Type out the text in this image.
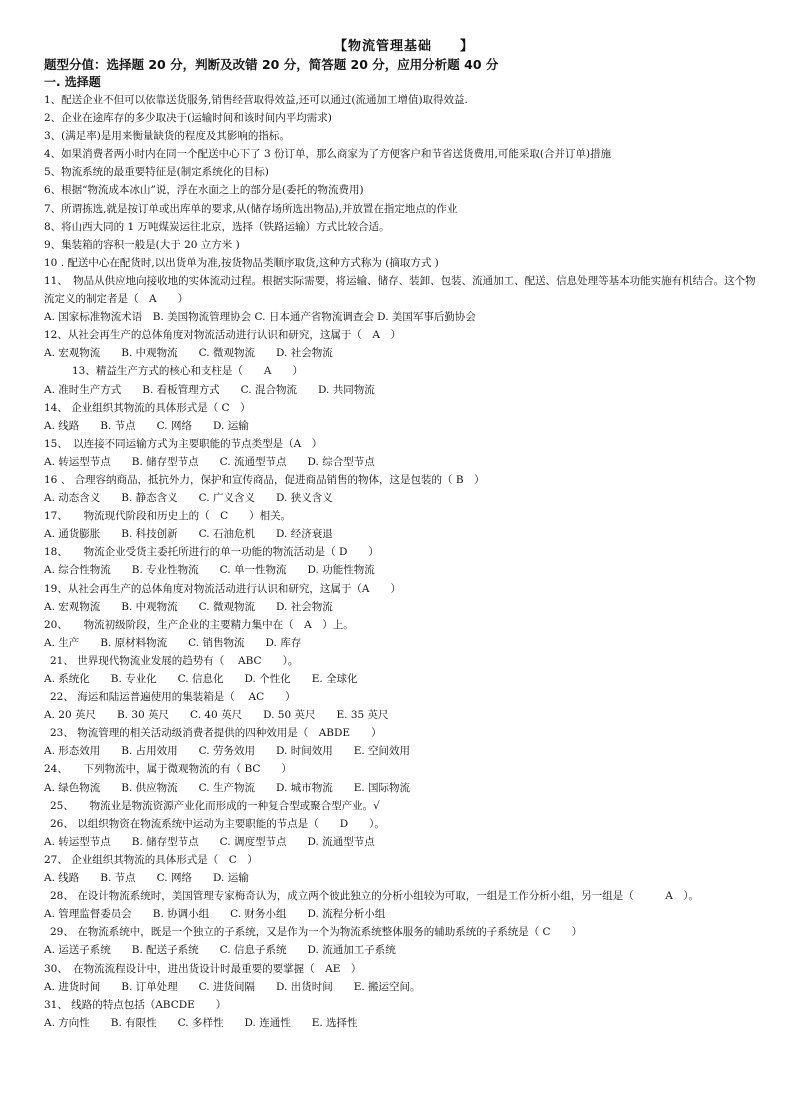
【物流管理基础　　】
题型分值：选择题 20 分，判断及改错 20 分，简答题 20 分，应用分析题 40 分
一. 选择题
1、配送企业不但可以依靠送货服务,销售经营取得效益,还可以通过(流通加工增值)取得效益.
2、企业在途库存的多少取决于(运输时间和该时间内平均需求)
3、(满足率)是用来衡量缺货的程度及其影响的指标。
4、如果消费者两小时内在同一个配送中心下了 3 份订单，那么商家为了方便客户和节省送货费用,可能采取(合并订单)措施
5、物流系统的最重要特征是(制定系统化的目标)
6、根据“物流成本冰山”说，浮在水面之上的部分是(委托的物流费用)
7、所谓拣选,就是按订单或出库单的要求,从(储存场所选出物品),并放置在指定地点的作业
8、将山西大同的 1 万吨煤炭运往北京，选择（铁路运输）方式比较合适。
9、集装箱的容积一般是(大于 20 立方米 )
10 . 配送中心在配货时,以出货单为准,按货物品类顺序取货,这种方式称为 (摘取方式 )
11、　物品从供应地向接收地的实体流动过程。根据实际需要，将运输、储存、装卸、包装、流通加工、配送、信息处理等基本功能实施有机结合。这个物流定义的制定者是（　A　　）
A. 国家标准物流术语　B. 美国物流管理协会 C. 日本通产省物流调查会 D. 美国军事后勤协会
12、从社会再生产的总体角度对物流活动进行认识和研究，这属于（　A　）
A. 宏观物流　　B. 中观物流　　C. 微观物流　　D. 社会物流
13、精益生产方式的核心和支柱是（　　A　　）
A. 准时生产方式　　B. 看板管理方式　　C. 混合物流　　D. 共同物流
14、 企业组织其物流的具体形式是（ C　）
A. 线路　　B. 节点　　C. 网络　　D. 运输
15、　以连接不同运输方式为主要职能的节点类型是（A　）
A. 转运型节点　　B. 储存型节点　　C. 流通型节点　　D. 综合型节点
16 、 合理容纳商品，抵抗外力，保护和宣传商品，促进商品销售的物体，这是包装的（ B　）
A. 动态含义　　B. 静态含义　　C. 广义含义　　D. 狭义含义
17、　　物流现代阶段和历史上的（　C　　）相关。
A. 通货膨胀　　B. 科技创新　　C. 石油危机　　D. 经济衰退
18、　　物流企业受货主委托所进行的单一功能的物流活动是（ D　　）
A. 综合性物流　　B. 专业性物流　　C. 单一性物流　　D. 功能性物流
19、从社会再生产的总体角度对物流活动进行认识和研究，这属于（A　　）
A. 宏观物流　　B. 中观物流　　C. 微观物流　　D. 社会物流
20、　　物流初级阶段，生产企业的主要精力集中在（　A　）上。
A. 生产　　B. 原材料物流　　C. 销售物流　　D. 库存
21、 世界现代物流业发展的趋势有（　 ABC　　）。
A. 系统化　　B. 专业化　　C. 信息化　　D. 个性化　　E. 全球化
22、 海运和陆运普遍使用的集装箱是（　 AC　　）
A. 20 英尺　　B. 30 英尺　　C. 40 英尺　　D. 50 英尺　　E. 35 英尺
23、 物流管理的相关活动级消费者提供的四种效用是（　ABDE　　）
A. 形态效用　　B. 占用效用　　C. 劳务效用　　D. 时间效用　　E. 空间效用
24、　　下列物流中，属于微观物流的有（ BC　　）
A. 绿色物流　　B. 供应物流　　C. 生产物流　　D. 城市物流　　E. 国际物流
25、　　物流业是物流资源产业化而形成的一种复合型或聚合型产业。√
26、 以组织物资在物流系统中运动为主要职能的节点是（　　D　　）。
A. 转运型节点　　B. 储存型节点　　C. 调度型节点　　D. 流通型节点
27、 企业组织其物流的具体形式是（　C　）
A. 线路　　B. 节点　　C. 网络　　D. 运输
28、 在设计物流系统时，美国管理专家梅奇认为，成立两个彼此独立的分析小组较为可取，一组是工作分析小组，另一组是（　　　A　）。
A. 管理监督委员会　　B. 协调小组　　C. 财务小组　　D. 流程分析小组
29、 在物流系统中，既是一个独立的子系统，又是作为一个为物流系统整体服务的辅助系统的子系统是（ C　　）
A. 运送子系统　　B. 配送子系统　　C. 信息子系统　　D. 流通加工子系统
30、　在物流流程设计中，进出货设计时最重要的要掌握（　AE　）
A. 进货时间　　B. 订单处理　　C. 进货间隔　　D. 出货时间　　E. 搬运空间。
31、 线路的特点包括（ABCDE　　）
A. 方向性　　B. 有限性　　C. 多样性　　D. 连通性　　E. 选择性
